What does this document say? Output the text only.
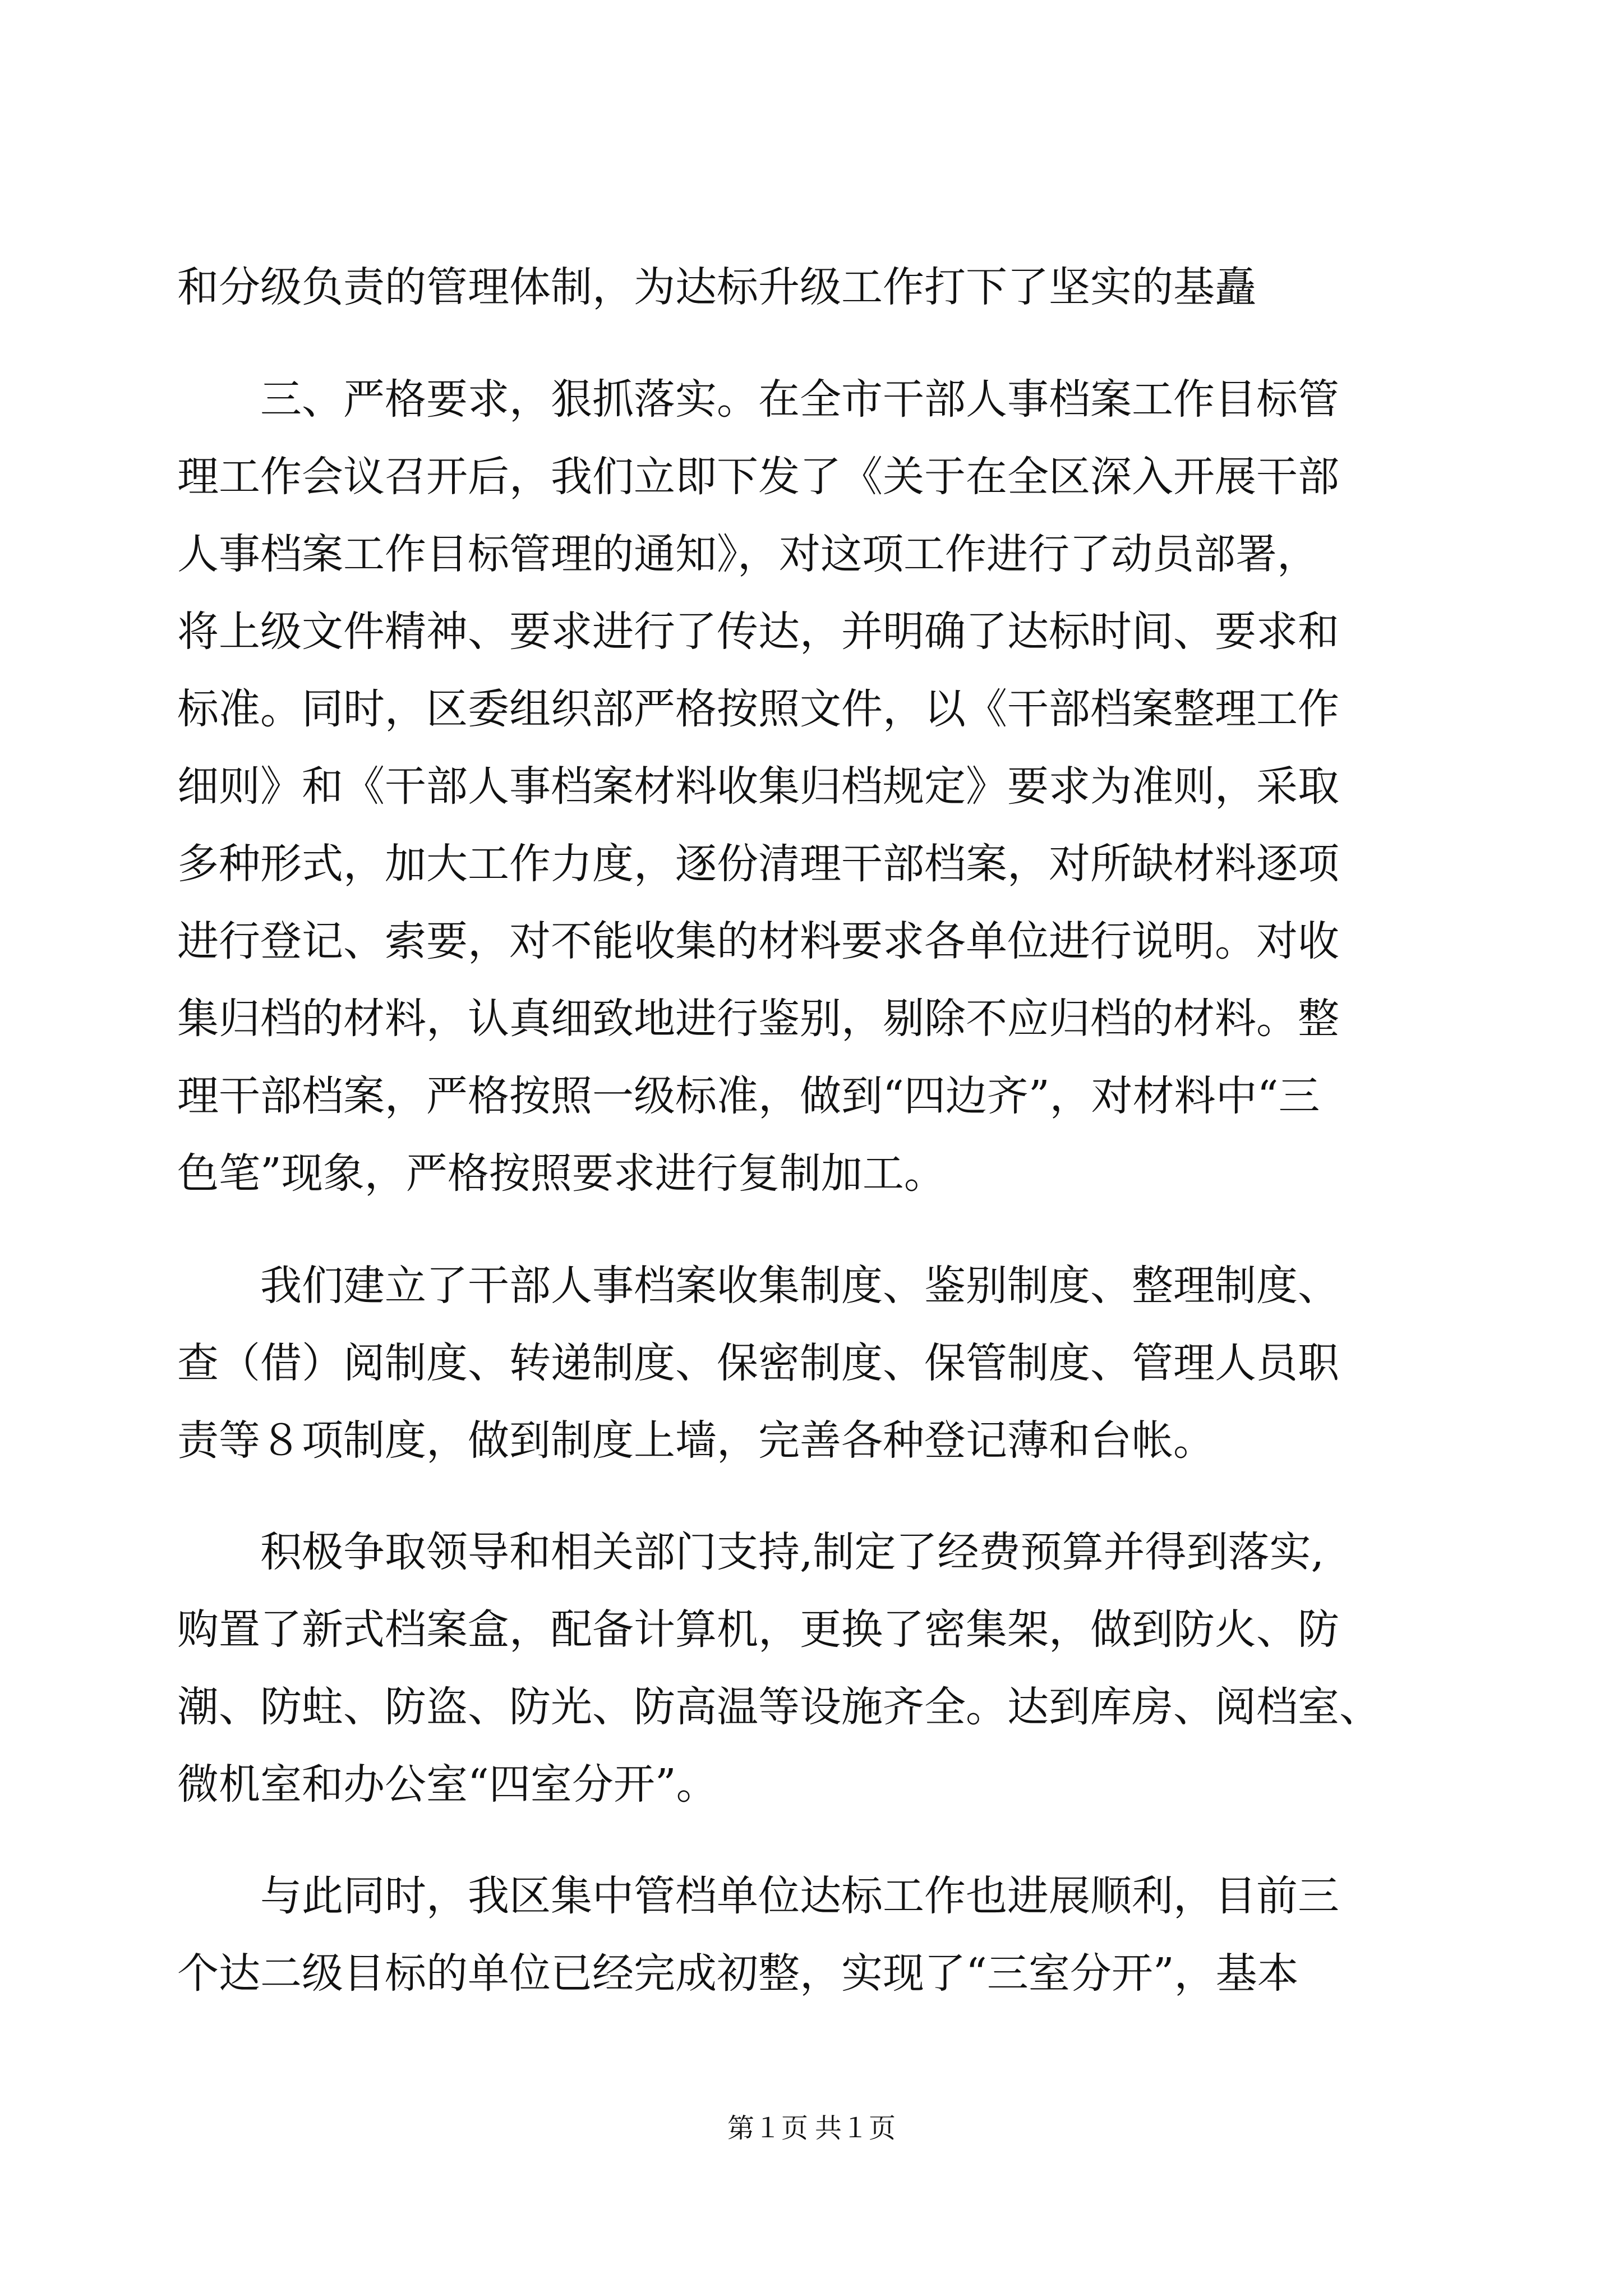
和分级负责的管理体制，为达标升级工作打下了坚实的基矗
三、严格要求，狠抓落实。在全市干部人事档案工作目标管
理工作会议召开后，我们立即下发了《关于在全区深入开展干部
人事档案工作目标管理的通知》，对这项工作进行了动员部署，
将上级文件精神、要求进行了传达，并明确了达标时间、要求和
标准。同时，区委组织部严格按照文件，以《干部档案整理工作
细则》和《干部人事档案材料收集归档规定》要求为准则，采取
多种形式，加大工作力度，逐份清理干部档案，对所缺材料逐项
进行登记、索要，对不能收集的材料要求各单位进行说明。对收
集归档的材料，认真细致地进行鉴别，剔除不应归档的材料。整
理干部档案，严格按照一级标准，做到“四边齐”，对材料中“三
色笔”现象，严格按照要求进行复制加工。
我们建立了干部人事档案收集制度、鉴别制度、整理制度、
查（借）阅制度、转递制度、保密制度、保管制度、管理人员职
责等８项制度，做到制度上墙，完善各种登记薄和台帐。
积极争取领导和相关部门支持,制定了经费预算并得到落实,
购置了新式档案盒，配备计算机，更换了密集架，做到防火、防
潮、防蛀、防盗、防光、防高温等设施齐全。达到库房、阅档室、
微机室和办公室“四室分开”。
与此同时，我区集中管档单位达标工作也进展顺利，目前三
个达二级目标的单位已经完成初整，实现了“三室分开”，基本
第１页 共１页
